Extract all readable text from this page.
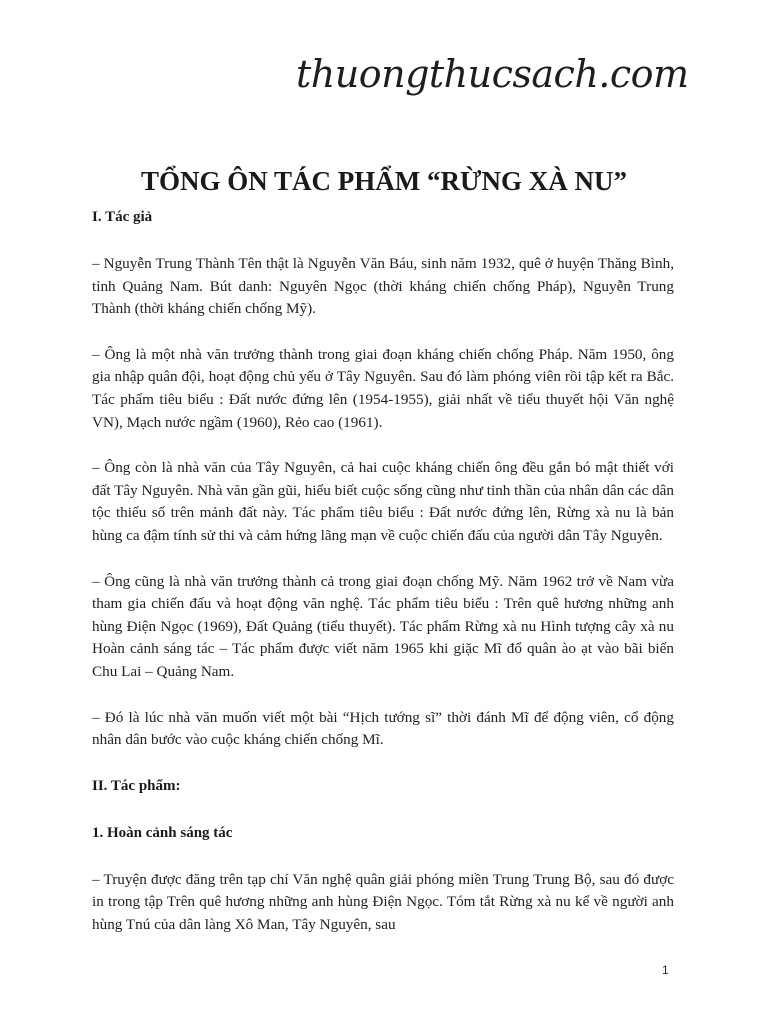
thuongthucsach.com
TỔNG ÔN TÁC PHẨM “RỪNG XÀ NU”
I. Tác giả

– Nguyễn Trung Thành Tên thật là Nguyễn Văn Báu, sinh năm 1932, quê ở huyện Thăng Bình, tỉnh Quảng Nam. Bút danh: Nguyên Ngọc (thời kháng chiến chống Pháp), Nguyễn Trung Thành (thời kháng chiến chống Mỹ).

– Ông là một nhà văn trưởng thành trong giai đoạn kháng chiến chống Pháp. Năm 1950, ông gia nhập quân đội, hoạt động chủ yếu ở Tây Nguyên. Sau đó làm phóng viên rồi tập kết ra Bắc. Tác phẩm tiêu biểu : Đất nước đứng lên (1954-1955), giải nhất về tiểu thuyết hội Văn nghệ VN), Mạch nước ngầm (1960), Rẻo cao (1961).

– Ông còn là nhà văn của Tây Nguyên, cả hai cuộc kháng chiến ông đều gắn bó mật thiết với đất Tây Nguyên. Nhà văn gần gũi, hiểu biết cuộc sống cũng như tinh thần của nhân dân các dân tộc thiểu số trên mảnh đất này. Tác phẩm tiêu biểu : Đất nước đứng lên, Rừng xà nu là bản hùng ca đậm tính sử thi và cảm hứng lãng mạn về cuộc chiến đấu của người dân Tây Nguyên.

– Ông cũng là nhà văn trưởng thành cả trong giai đoạn chống Mỹ. Năm 1962 trở về Nam vừa tham gia chiến đấu và hoạt động văn nghệ. Tác phẩm tiêu biểu : Trên quê hương những anh hùng Điện Ngọc (1969), Đất Quảng (tiểu thuyết). Tác phẩm Rừng xà nu Hình tượng cây xà nu Hoàn cảnh sáng tác – Tác phẩm được viết năm 1965 khi giặc Mĩ đổ quân ào ạt vào bãi biển Chu Lai – Quảng Nam.

– Đó là lúc nhà văn muốn viết một bài “Hịch tướng sĩ” thời đánh Mĩ để động viên, cổ động nhân dân bước vào cuộc kháng chiến chống Mĩ.

II. Tác phẩm:
1. Hoàn cảnh sáng tác

– Truyện được đăng trên tạp chí Văn nghệ quân giải phóng miền Trung Trung Bộ, sau đó được in trong tập Trên quê hương những anh hùng Điện Ngọc. Tóm tắt Rừng xà nu kể về người anh hùng Tnú của dân làng Xô Man, Tây Nguyên, sau

1
